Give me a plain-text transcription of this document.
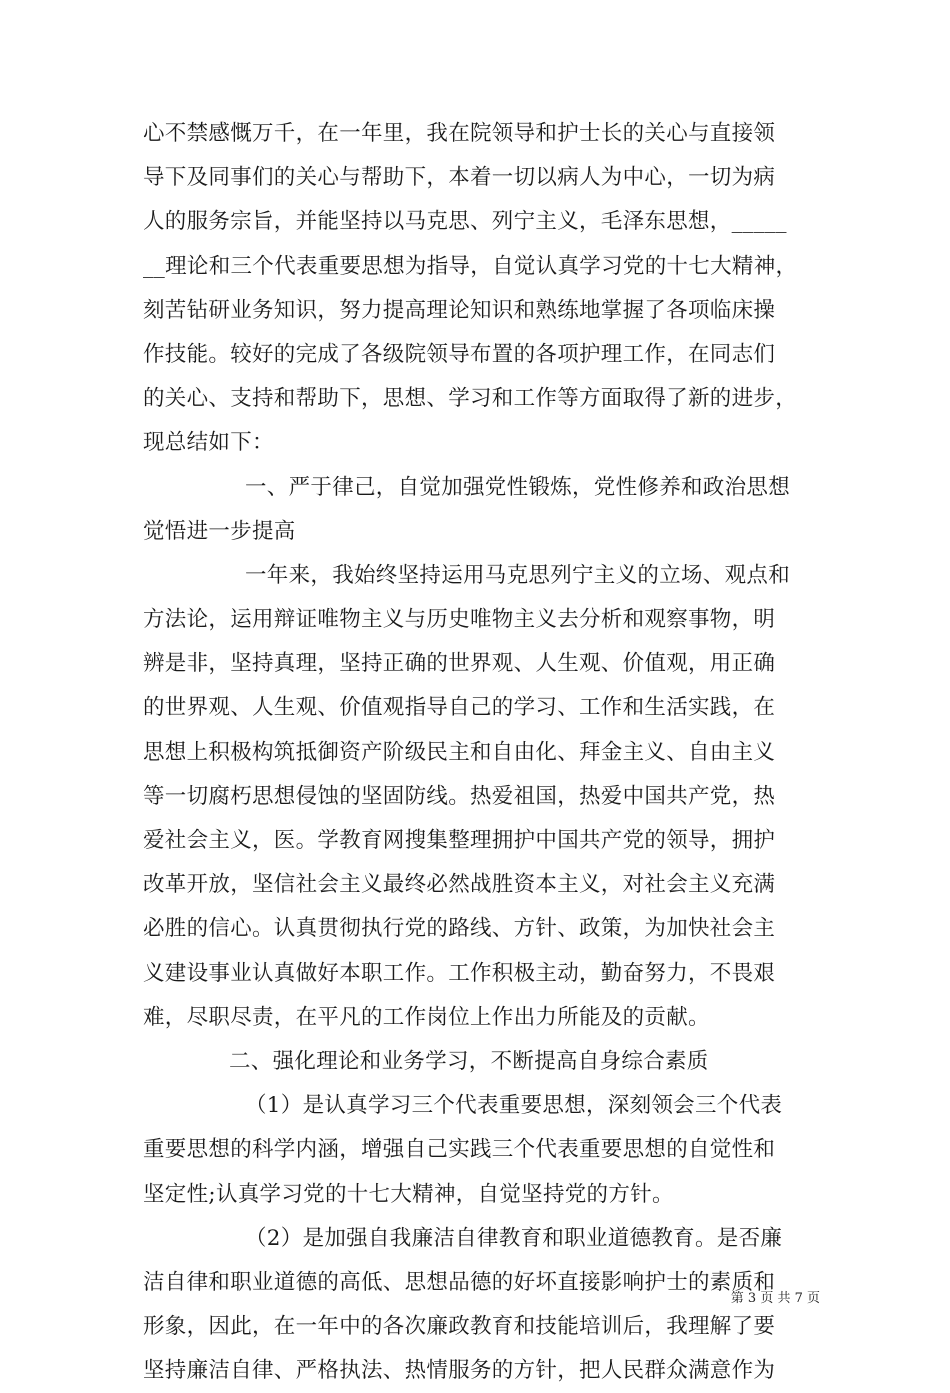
心不禁感慨万千，在一年里，我在院领导和护士长的关心与直接领
导下及同事们的关心与帮助下，本着一切以病人为中心，一切为病
人的服务宗旨，并能坚持以马克思、列宁主义，毛泽东思想，_____
__理论和三个代表重要思想为指导，自觉认真学习党的十七大精神，
刻苦钻研业务知识，努力提高理论知识和熟练地掌握了各项临床操
作技能。较好的完成了各级院领导布置的各项护理工作，在同志们
的关心、支持和帮助下，思想、学习和工作等方面取得了新的进步，
现总结如下：
一、严于律己，自觉加强党性锻炼，党性修养和政治思想
觉悟进一步提高
一年来，我始终坚持运用马克思列宁主义的立场、观点和
方法论，运用辩证唯物主义与历史唯物主义去分析和观察事物，明
辨是非，坚持真理，坚持正确的世界观、人生观、价值观，用正确
的世界观、人生观、价值观指导自己的学习、工作和生活实践，在
思想上积极构筑抵御资产阶级民主和自由化、拜金主义、自由主义
等一切腐朽思想侵蚀的坚固防线。热爱祖国，热爱中国共产党，热
爱社会主义，医。学教育网搜集整理拥护中国共产党的领导，拥护
改革开放，坚信社会主义最终必然战胜资本主义，对社会主义充满
必胜的信心。认真贯彻执行党的路线、方针、政策，为加快社会主
义建设事业认真做好本职工作。工作积极主动，勤奋努力，不畏艰
难，尽职尽责，在平凡的工作岗位上作出力所能及的贡献。
二、强化理论和业务学习，不断提高自身综合素质
（1）是认真学习三个代表重要思想，深刻领会三个代表
重要思想的科学内涵，增强自己实践三个代表重要思想的自觉性和
坚定性;认真学习党的十七大精神，自觉坚持党的方针。
（2）是加强自我廉洁自律教育和职业道德教育。是否廉
洁自律和职业道德的高低、思想品德的好坏直接影响护士的素质和
形象，因此，在一年中的各次廉政教育和技能培训后，我理解了要
坚持廉洁自律、严格执法、热情服务的方针，把人民群众满意作为
第 3 页 共 7 页
